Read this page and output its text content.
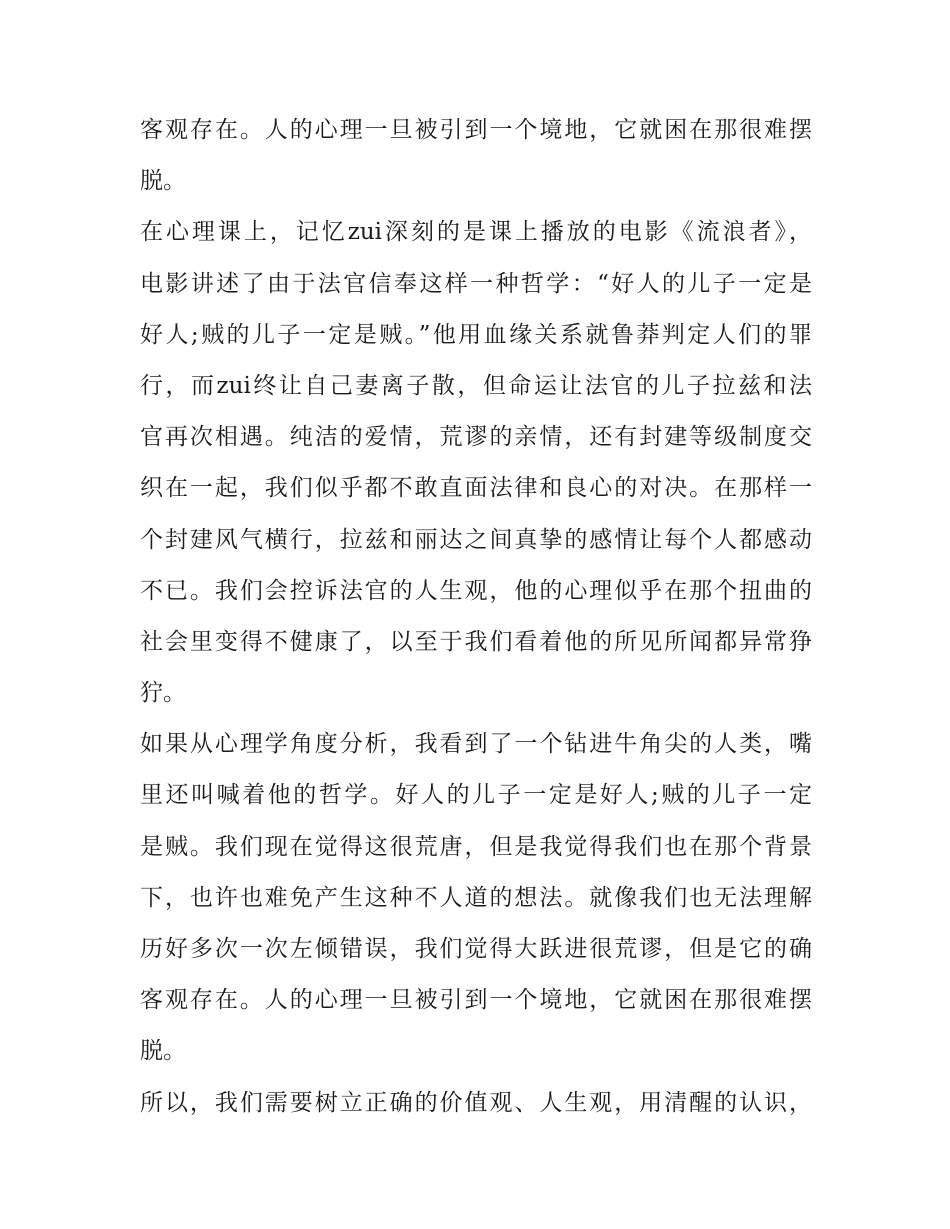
客观存在。人的心理一旦被引到一个境地，它就困在那很难摆
脱。
在心理课上，记忆zui深刻的是课上播放的电影《流浪者》，
电影讲述了由于法官信奉这样一种哲学：“好人的儿子一定是
好人;贼的儿子一定是贼。”他用血缘关系就鲁莽判定人们的罪
行，而zui终让自己妻离子散，但命运让法官的儿子拉兹和法
官再次相遇。纯洁的爱情，荒谬的亲情，还有封建等级制度交
织在一起，我们似乎都不敢直面法律和良心的对决。在那样一
个封建风气横行，拉兹和丽达之间真挚的感情让每个人都感动
不已。我们会控诉法官的人生观，他的心理似乎在那个扭曲的
社会里变得不健康了，以至于我们看着他的所见所闻都异常狰
狞。
如果从心理学角度分析，我看到了一个钻进牛角尖的人类，嘴
里还叫喊着他的哲学。好人的儿子一定是好人;贼的儿子一定
是贼。我们现在觉得这很荒唐，但是我觉得我们也在那个背景
下，也许也难免产生这种不人道的想法。就像我们也无法理解
历好多次一次左倾错误，我们觉得大跃进很荒谬，但是它的确
客观存在。人的心理一旦被引到一个境地，它就困在那很难摆
脱。
所以，我们需要树立正确的价值观、人生观，用清醒的认识，
